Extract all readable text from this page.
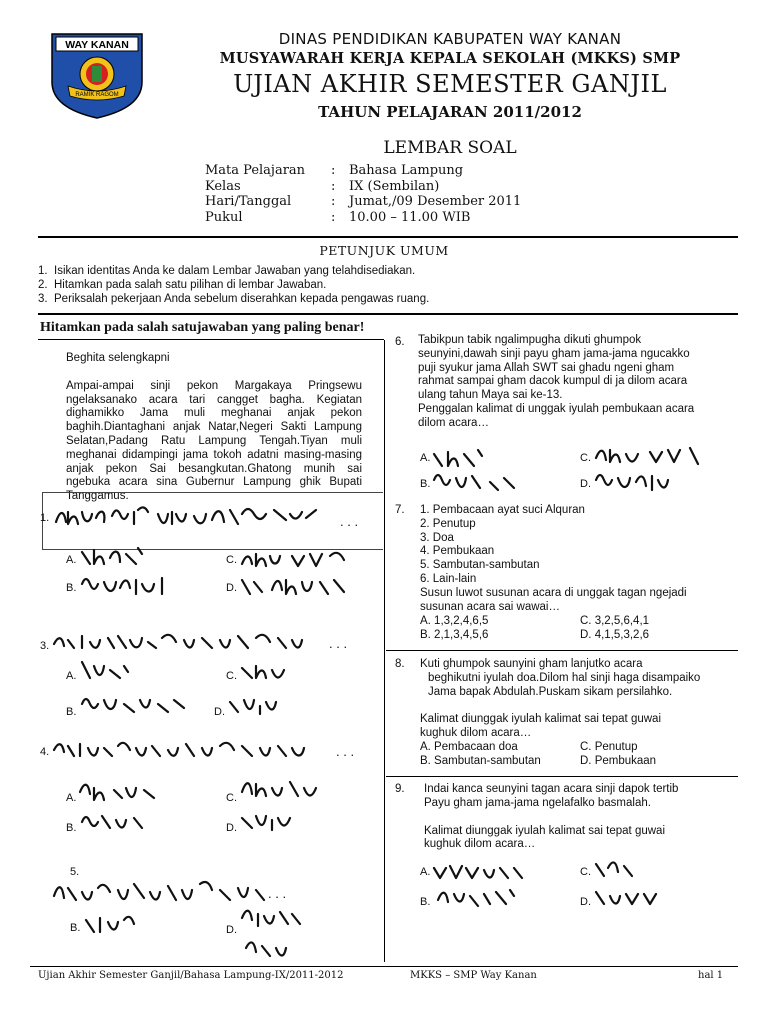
WAY KANAN
RAMIK RAGOM
DINAS PENDIDIKAN KABUPATEN WAY KANAN
MUSYAWARAH KERJA KEPALA SEKOLAH (MKKS) SMP
UJIAN AKHIR SEMESTER GANJIL
TAHUN PELAJARAN 2011/2012
LEMBAR SOAL
Mata Pelajaran	:	Bahasa Lampung
Kelas	:	IX (Sembilan)
Hari/Tanggal	:	Jumat,/09 Desember 2011
Pukul	:	10.00 – 11.00 WIB
PETUNJUK UMUM
1. Isikan identitas Anda ke dalam Lembar Jawaban yang telahdisediakan.
2. Hitamkan pada salah satu pilihan di lembar Jawaban.
3. Periksalah pekerjaan Anda sebelum diserahkan kepada pengawas ruang.
Hitamkan pada salah satujawaban yang paling benar!
Beghita selengkapni
Ampai-ampai sinji pekon Margakaya Pringsewu ngelaksanako acara tari cangget bagha. Kegiatan dighamikko Jama muli meghanai anjak pekon baghih.Diantaghani anjak Natar,Negeri Sakti Lampung Selatan,Padang Ratu Lampung Tengah.Tiyan muli meghanai didampingi jama tokoh adatni masing-masing anjak pekon Sai besangkutan.Ghatong munih sai ngebuka acara sina Gubernur Lampung ghik Bupati Tanggamus.
1.	. . .
A.	C.
B.	D.
3.	. . .
A.	C.
B.	D.
4.	. . .
A.	C.
B.	D.
5.
. . .
B.	D.
6. Tabikpun tabik ngalimpugha dikuti ghumpok
seunyini,dawah sinji payu gham jama-jama ngucakko
puji syukur jama Allah SWT sai ghadu ngeni gham
rahmat sampai gham dacok kumpul di ja dilom acara
ulang tahun Maya sai ke-13.
Penggalan kalimat di unggak iyulah pembukaan acara
dilom acara…
A.	C.
B.	D.
7. 1. Pembacaan ayat suci Alquran
2. Penutup
3. Doa
4. Pembukaan
5. Sambutan-sambutan
6. Lain-lain
Susun luwot susunan acara di unggak tagan ngejadi
susunan acara sai wawai…
A. 1,3,2,4,6,5	C. 3,2,5,6,4,1
B. 2,1,3,4,5,6	D. 4,1,5,3,2,6
8. Kuti ghumpok saunyini gham lanjutko acara
beghikutni iyulah doa.Dilom hal sinji haga disampaiko
Jama bapak Abdulah.Puskam sikam persilahko.
Kalimat diunggak iyulah kalimat sai tepat guwai
kughuk dilom acara…
A. Pembacaan doa	C. Penutup
B. Sambutan-sambutan	D. Pembukaan
9. Indai kanca seunyini tagan acara sinji dapok tertib
Payu gham jama-jama ngelafalko basmalah.
Kalimat diunggak iyulah kalimat sai tepat guwai
kughuk dilom acara…
A.	C.
B.	D.
Ujian Akhir Semester Ganjil/Bahasa Lampung-IX/2011-2012	MKKS – SMP Way Kanan	hal 1
